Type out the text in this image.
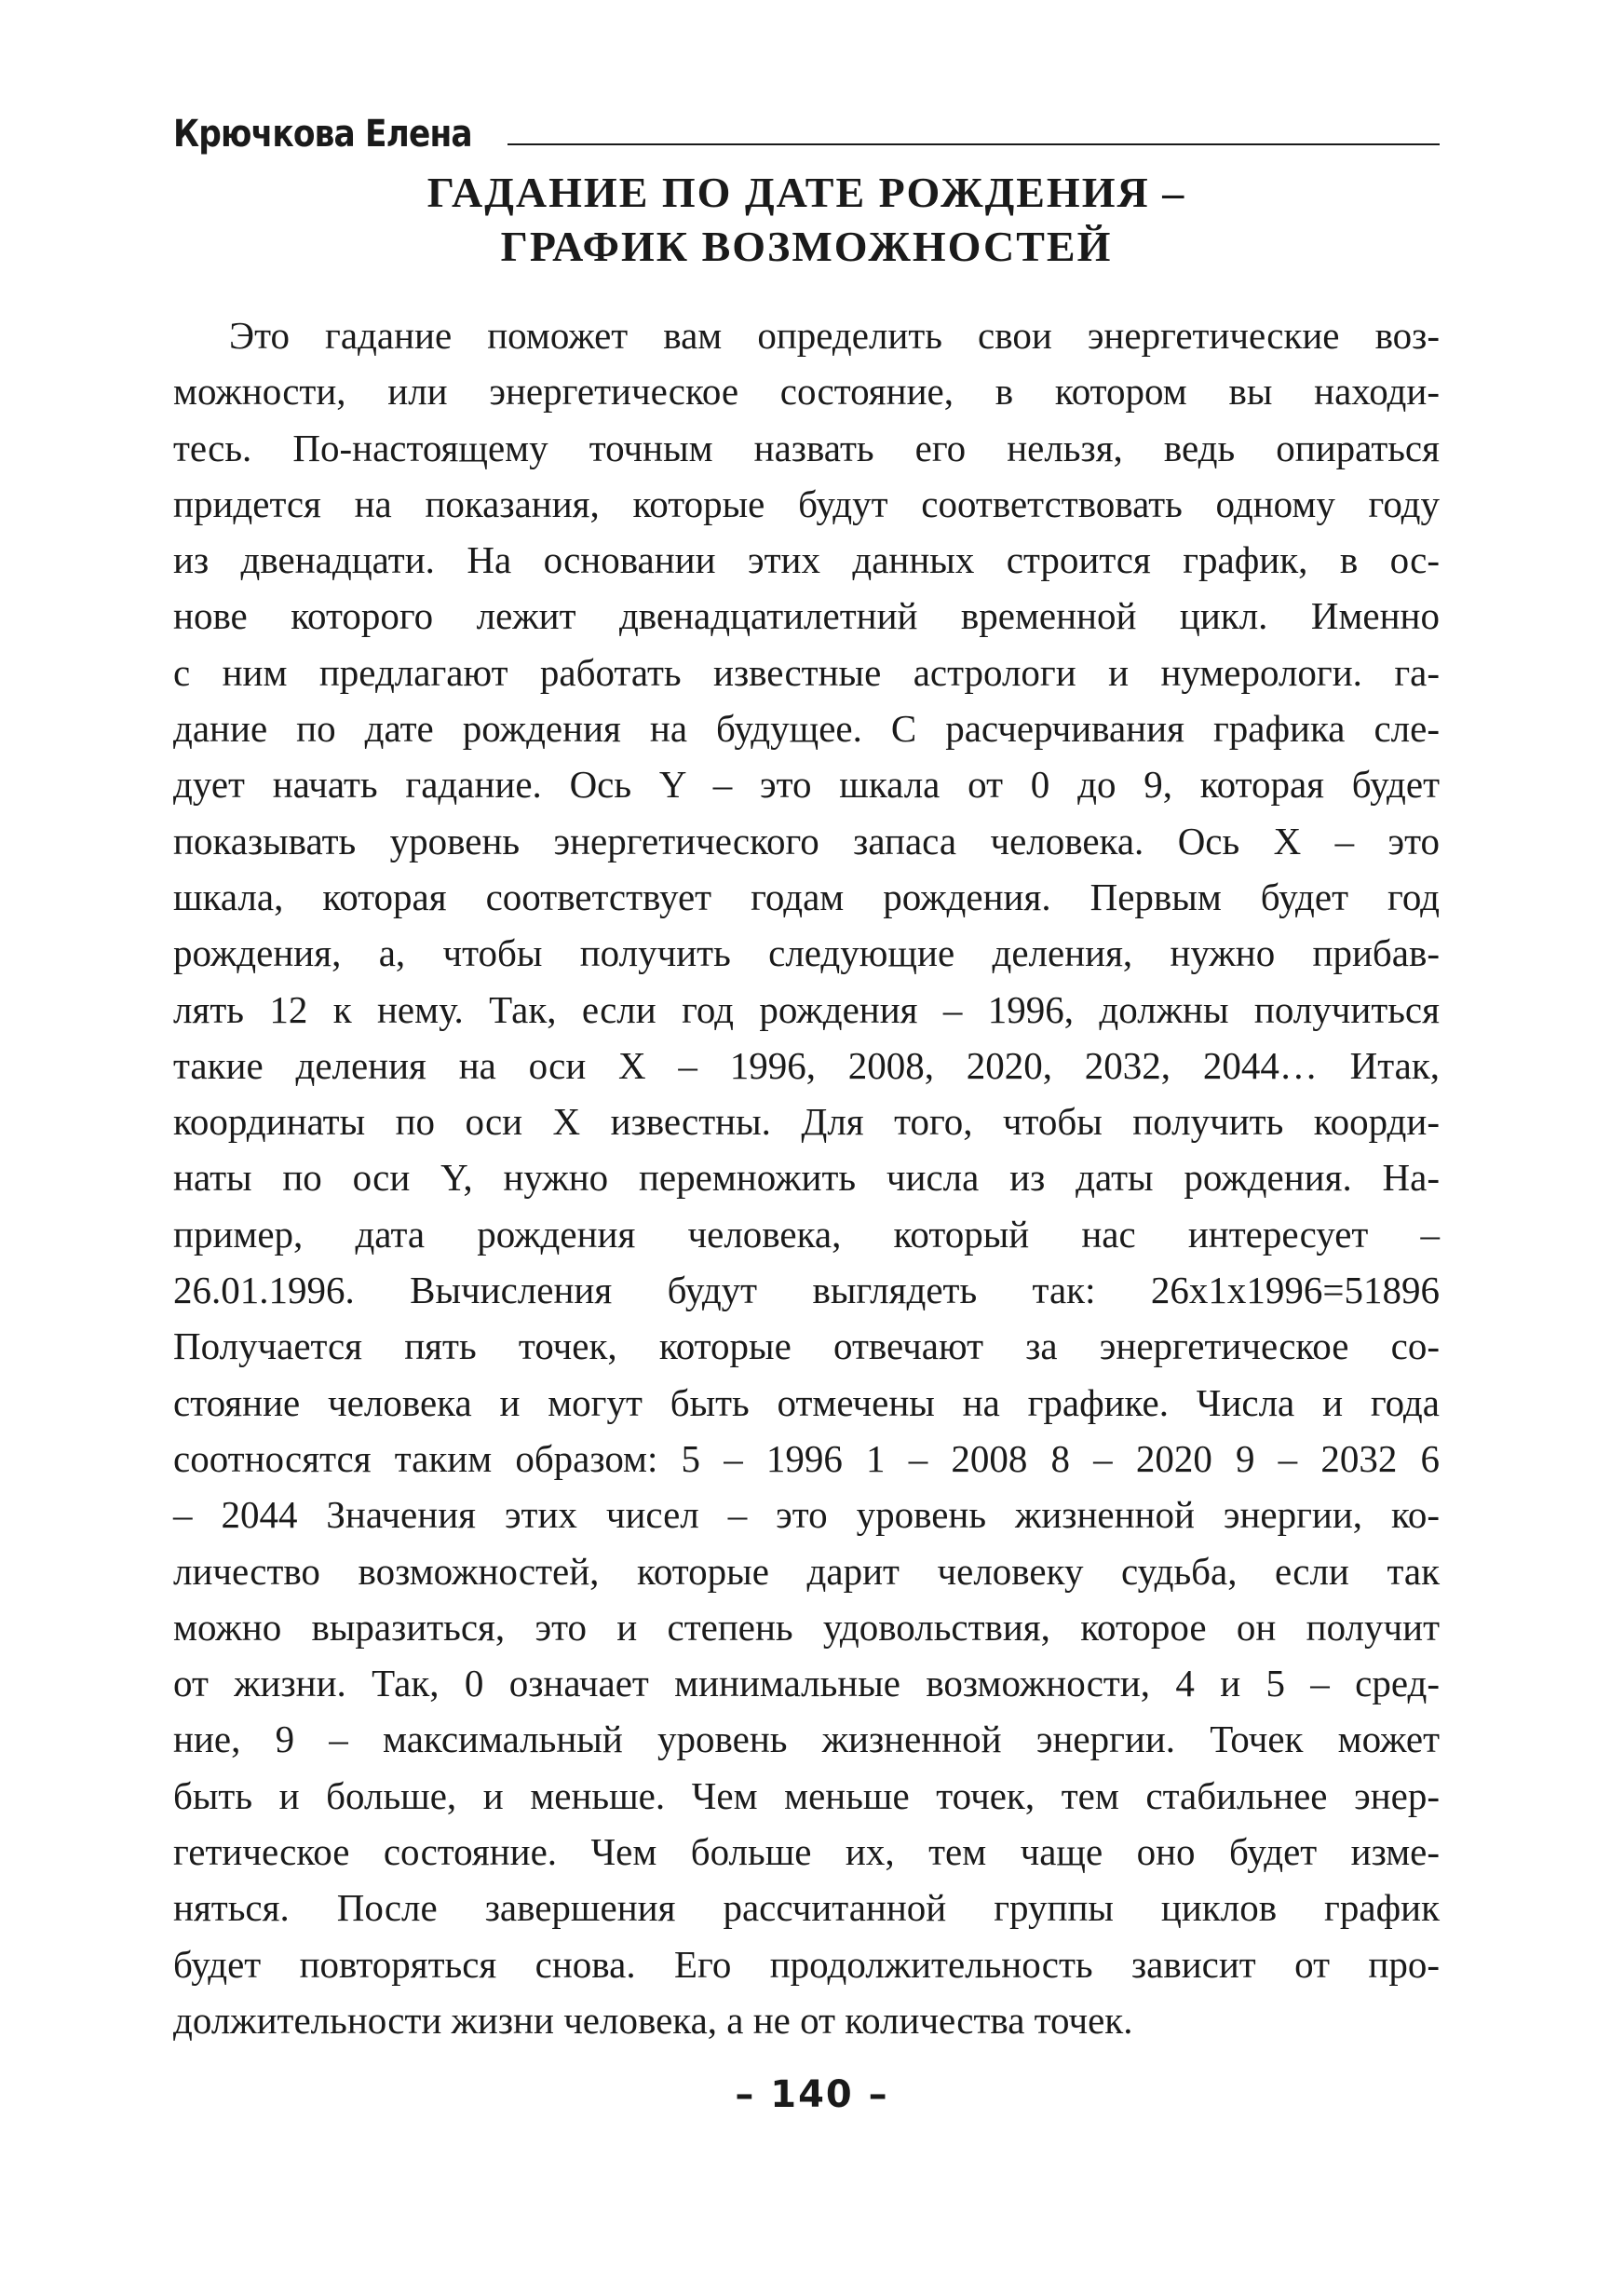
Крючкова Елена
ГАДАНИЕ ПО ДАТЕ РОЖДЕНИЯ –
ГРАФИК ВОЗМОЖНОСТЕЙ
Это гадание поможет вам определить свои энергетические воз-
можности, или энергетическое состояние, в котором вы находи-
тесь. По-настоящему точным назвать его нельзя, ведь опираться
придется на показания, которые будут соответствовать одному году
из двенадцати. На основании этих данных строится график, в ос-
нове которого лежит двенадцатилетний временной цикл. Именно
с ним предлагают работать известные астрологи и нумерологи. га-
дание по дате рождения на будущее. С расчерчивания графика сле-
дует начать гадание. Ось Y – это шкала от 0 до 9, которая будет
показывать уровень энергетического запаса человека. Ось X – это
шкала, которая соответствует годам рождения. Первым будет год
рождения, а, чтобы получить следующие деления, нужно прибав-
лять 12 к нему. Так, если год рождения – 1996, должны получиться
такие деления на оси X – 1996, 2008, 2020, 2032, 2044… Итак,
координаты по оси X известны. Для того, чтобы получить коорди-
наты по оси Y, нужно перемножить числа из даты рождения. На-
пример, дата рождения человека, который нас интересует –
26.01.1996. Вычисления будут выглядеть так: 26x1x1996=51896
Получается пять точек, которые отвечают за энергетическое со-
стояние человека и могут быть отмечены на графике. Числа и года
соотносятся таким образом: 5 – 1996 1 – 2008 8 – 2020 9 – 2032 6
– 2044 Значения этих чисел – это уровень жизненной энергии, ко-
личество возможностей, которые дарит человеку судьба, если так
можно выразиться, это и степень удовольствия, которое он получит
от жизни. Так, 0 означает минимальные возможности, 4 и 5 – сред-
ние, 9 – максимальный уровень жизненной энергии. Точек может
быть и больше, и меньше. Чем меньше точек, тем стабильнее энер-
гетическое состояние. Чем больше их, тем чаще оно будет изме-
няться. После завершения рассчитанной группы циклов график
будет повторяться снова. Его продолжительность зависит от про-
должительности жизни человека, а не от количества точек.
– 140 –
